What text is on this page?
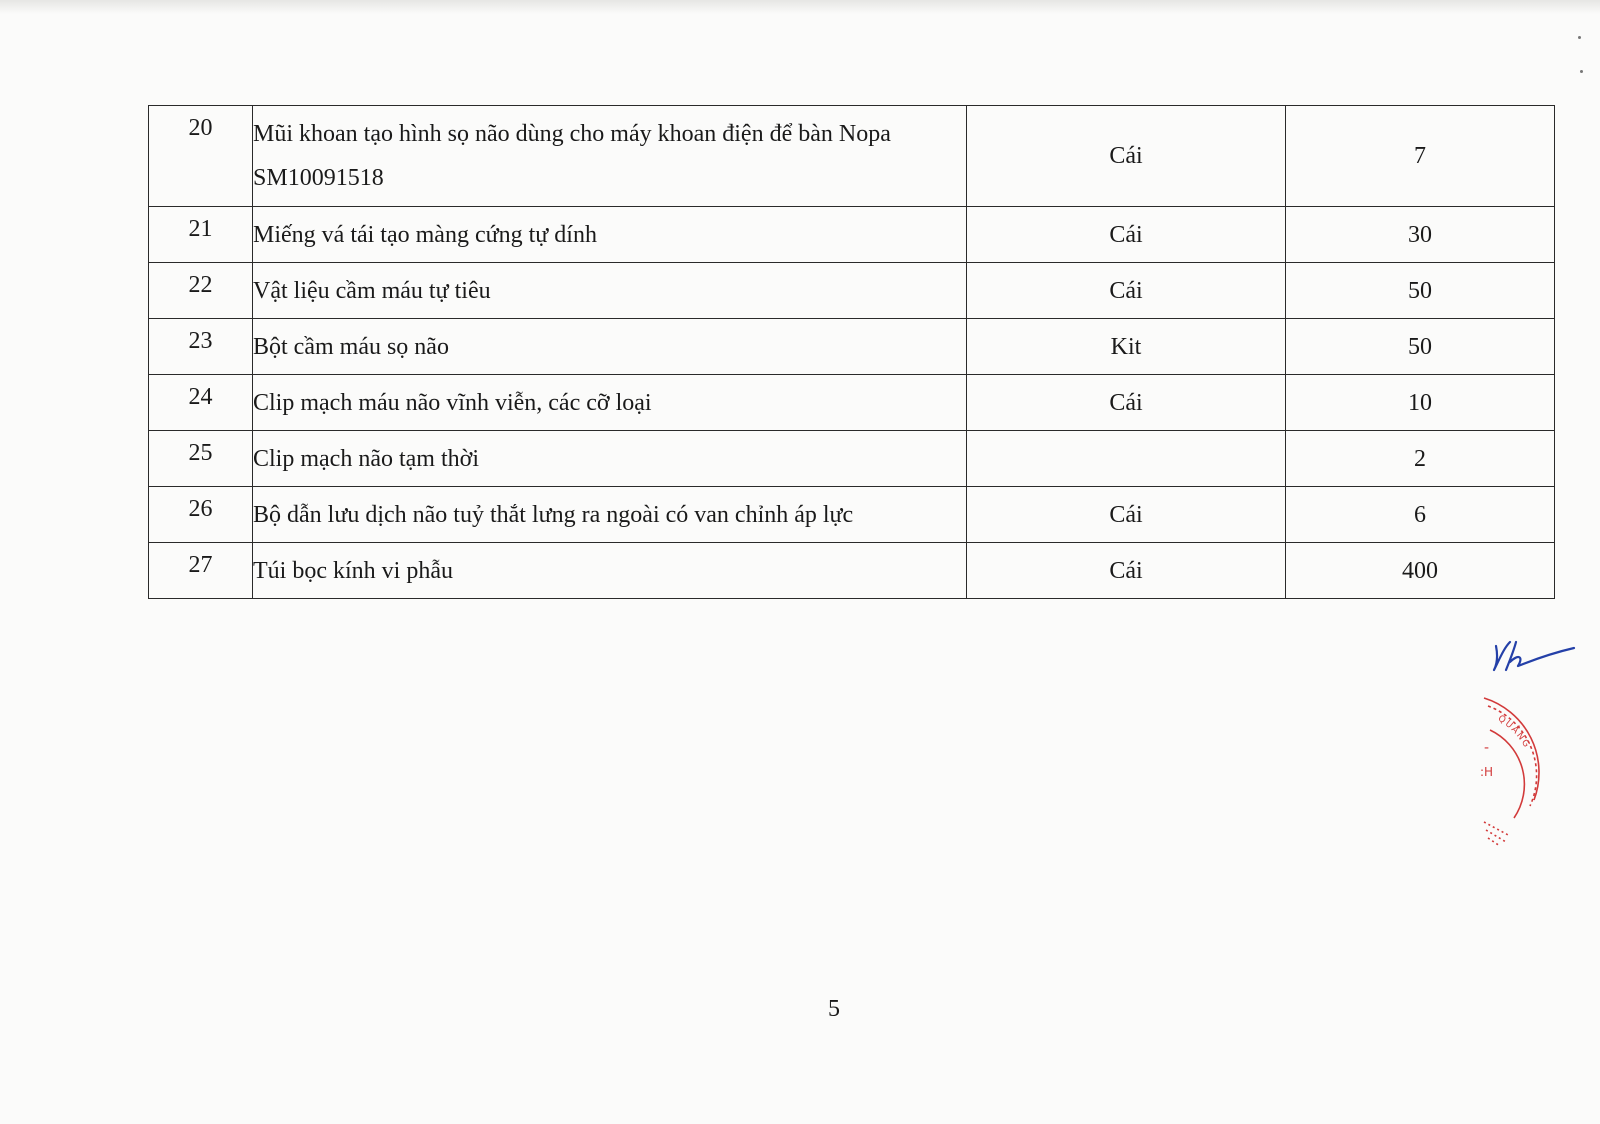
20	Mũi khoan tạo hình sọ não dùng cho máy khoan điện để bàn Nopa SM10091518	Cái	7
21	Miếng vá tái tạo màng cứng tự dính	Cái	30
22	Vật liệu cầm máu tự tiêu	Cái	50
23	Bột cầm máu sọ não	Kit	50
24	Clip mạch máu não vĩnh viễn, các cỡ loại	Cái	10
25	Clip mạch não tạm thời		2
26	Bộ dẫn lưu dịch não tuỷ thắt lưng ra ngoài có van chỉnh áp lực	Cái	6
27	Túi bọc kính vi phẫu	Cái	400
QUẢNG
-
:H
5
